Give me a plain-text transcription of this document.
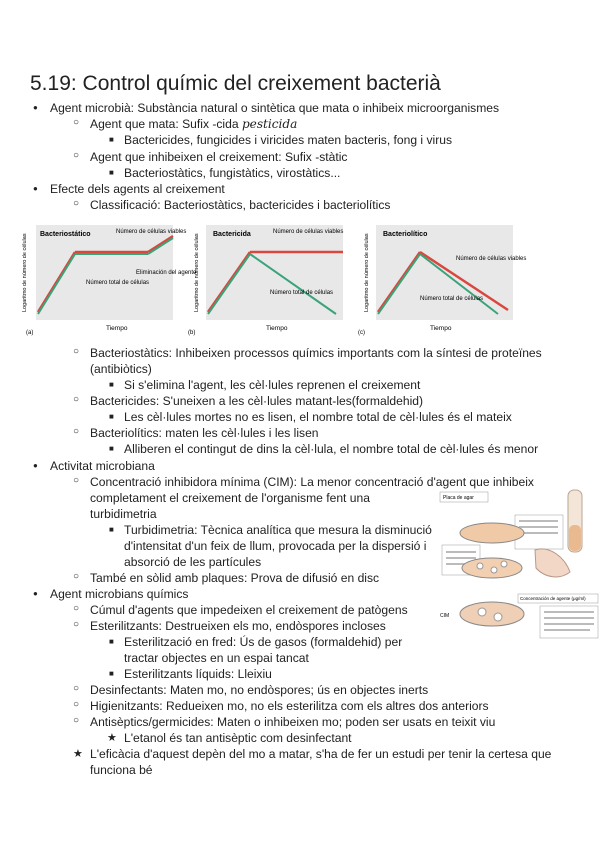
5.19: Control químic del creixement bacterià
● Agent microbià: Substància natural o sintètica que mata o inhibeix microorganismes
○ Agent que mata: Sufix -cida pesticida
■ Bactericides, fungicides i viricides maten bacteris, fong i virus
○ Agent que inhibeixen el creixement: Sufix -stàtic
■ Bacteriostàtics, fungistàtics, virostàtics...
● Efecte dels agents al creixement
○ Classificació: Bacteriostàtics, bactericides i bacteriolítics
Bacteriostático	Número de células viables
Número total de células
Eliminación del agente
Tiempo
(a)
Logaritmo de número de células	Bactericida	Número de células viables
Número total de células
Tiempo
(b)
Logaritmo de número de células	Bacteriolítico
Número de células viables
Número total de células
Tiempo
(c)
Logaritmo de número de células
○ Bacteriostàtics: Inhibeixen processos químics importants com la síntesi de proteïnes
(antibiòtics)
■ Si s'elimina l'agent, les cèl·lules reprenen el creixement
○ Bactericides: S'uneixen a les cèl·lules matant-les(formaldehid)
■ Les cèl·lules mortes no es lisen, el nombre total de cèl·lules és el mateix
○ Bacteriolítics: maten les cèl·lules i les lisen
■ Alliberen el contingut de dins la cèl·lula, el nombre total de cèl·lules és menor
● Activitat microbiana
○ Concentració inhibidora mínima (CIM): La menor concentració d'agent que inhibeix
completament el creixement de l'organisme fent una
turbidimetria
■ Turbidimetria: Tècnica analítica que mesura la disminució
d'intensitat d'un feix de llum, provocada per la dispersió i
absorció de les partícules
○ També en sòlid amb plaques: Prova de difusió en disc
● Agent microbians químics
○ Cúmul d'agents que impedeixen el creixement de patògens
○ Esterilitzants: Destrueixen els mo, endòspores incloses
■ Esterilització en fred: Ús de gasos (formaldehid) per
tractar objectes en un espai tancat
■ Esterilitzants líquids: Lleixiu
○ Desinfectants: Maten mo, no endòspores; ús en objectes inerts
○ Higienitzants: Redueixen mo, no els esterilitza com els altres dos anteriors
○ Antisèptics/germicides: Maten o inhibeixen mo; poden ser usats en teixit viu
★ L'etanol és tan antisèptic com desinfectant
★ L'eficàcia d'aquest depèn del mo a matar, s'ha de fer un estudi per tenir la certesa que
funciona bé
Placa de agar
Concentración de agente (μg/ml)
CIM
